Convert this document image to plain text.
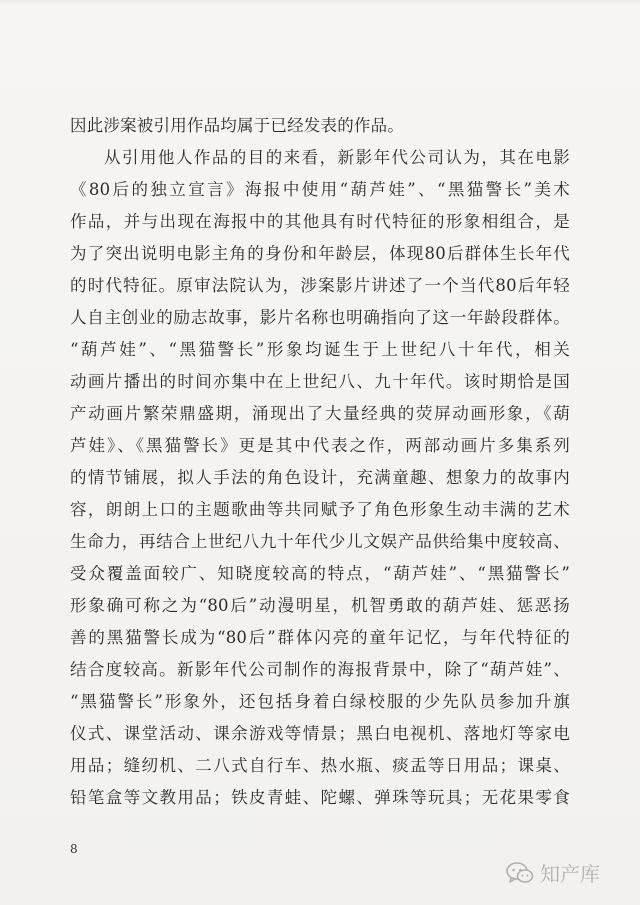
因此涉案被引用作品均属于已经发表的作品。
从引用他人作品的目的来看，新影年代公司认为，其在电影
《80后的独立宣言》海报中使用“葫芦娃”、“黑猫警长”美术
作品，并与出现在海报中的其他具有时代特征的形象相组合，是
为了突出说明电影主角的身份和年龄层，体现80后群体生长年代
的时代特征。原审法院认为，涉案影片讲述了一个当代80后年轻
人自主创业的励志故事，影片名称也明确指向了这一年龄段群体。
“葫芦娃”、“黑猫警长”形象均诞生于上世纪八十年代，相关
动画片播出的时间亦集中在上世纪八、九十年代。该时期恰是国
产动画片繁荣鼎盛期，涌现出了大量经典的荧屏动画形象，《葫
芦娃》、《黑猫警长》更是其中代表之作，两部动画片多集系列
的情节铺展，拟人手法的角色设计，充满童趣、想象力的故事内
容，朗朗上口的主题歌曲等共同赋予了角色形象生动丰满的艺术
生命力，再结合上世纪八九十年代少儿文娱产品供给集中度较高、
受众覆盖面较广、知晓度较高的特点，“葫芦娃”、“黑猫警长”
形象确可称之为“80后”动漫明星，机智勇敢的葫芦娃、惩恶扬
善的黑猫警长成为“80后”群体闪亮的童年记忆，与年代特征的
结合度较高。新影年代公司制作的海报背景中，除了“葫芦娃”、
“黑猫警长”形象外，还包括身着白绿校服的少先队员参加升旗
仪式、课堂活动、课余游戏等情景；黑白电视机、落地灯等家电
用品；缝纫机、二八式自行车、热水瓶、痰盂等日用品；课桌、
铅笔盒等文教用品；铁皮青蛙、陀螺、弹珠等玩具；无花果零食
8
知产库
